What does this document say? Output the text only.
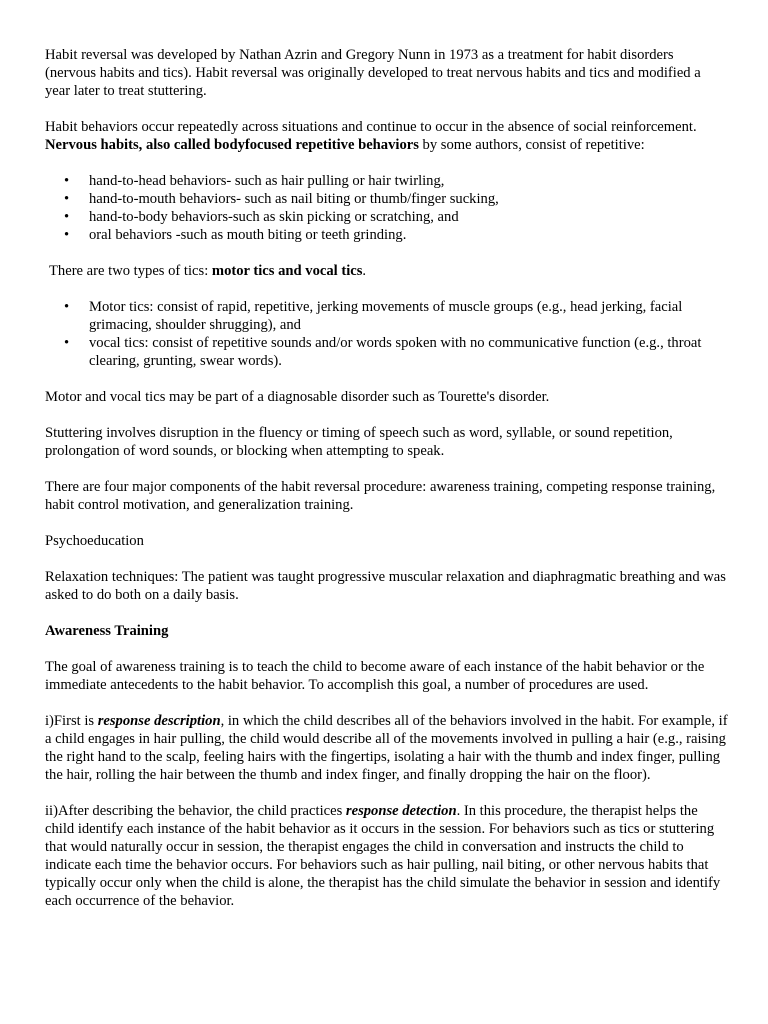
Habit reversal was developed by Nathan Azrin and Gregory Nunn in 1973 as a treatment for habit disorders (nervous habits and tics). Habit reversal was originally developed to treat nervous habits and tics and modified a year later to treat stuttering.

Habit behaviors occur repeatedly across situations and continue to occur in the absence of social reinforcement.
Nervous habits, also called bodyfocused repetitive behaviors by some authors, consist of repetitive:

• hand-to-head behaviors- such as hair pulling or hair twirling,
• hand-to-mouth behaviors- such as nail biting or thumb/finger sucking,
• hand-to-body behaviors-such as skin picking or scratching, and
• oral behaviors -such as mouth biting or teeth grinding.

There are two types of tics: motor tics and vocal tics.

• Motor tics: consist of rapid, repetitive, jerking movements of muscle groups (e.g., head jerking, facial grimacing, shoulder shrugging), and
• vocal tics: consist of repetitive sounds and/or words spoken with no communicative function (e.g., throat clearing, grunting, swear words).

Motor and vocal tics may be part of a diagnosable disorder such as Tourette's disorder.

Stuttering involves disruption in the fluency or timing of speech such as word, syllable, or sound repetition, prolongation of word sounds, or blocking when attempting to speak.

There are four major components of the habit reversal procedure: awareness training, competing response training, habit control motivation, and generalization training.

Psychoeducation

Relaxation techniques: The patient was taught progressive muscular relaxation and diaphragmatic breathing and was asked to do both on a daily basis.

Awareness Training

The goal of awareness training is to teach the child to become aware of each instance of the habit behavior or the immediate antecedents to the habit behavior. To accomplish this goal, a number of procedures are used.

i)First is response description, in which the child describes all of the behaviors involved in the habit. For example, if a child engages in hair pulling, the child would describe all of the movements involved in pulling a hair (e.g., raising the right hand to the scalp, feeling hairs with the fingertips, isolating a hair with the thumb and index finger, pulling the hair, rolling the hair between the thumb and index finger, and finally dropping the hair on the floor).

ii)After describing the behavior, the child practices response detection. In this procedure, the therapist helps the child identify each instance of the habit behavior as it occurs in the session. For behaviors such as tics or stuttering that would naturally occur in session, the therapist engages the child in conversation and instructs the child to indicate each time the behavior occurs. For behaviors such as hair pulling, nail biting, or other nervous habits that typically occur only when the child is alone, the therapist has the child simulate the behavior in session and identify each occurrence of the behavior.
